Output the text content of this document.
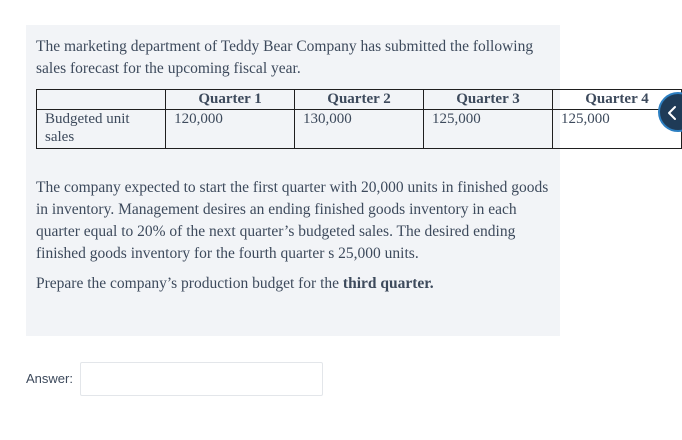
The marketing department of Teddy Bear Company has submitted the following sales forecast for the upcoming fiscal year.

	Quarter 1	Quarter 2	Quarter 3	Quarter 4
Budgeted unit sales	120,000	130,000	125,000	125,000

The company expected to start the first quarter with 20,000 units in finished goods in inventory. Management desires an ending finished goods inventory in each quarter equal to 20% of the next quarter’s budgeted sales. The desired ending finished goods inventory for the fourth quarter s 25,000 units.

Prepare the company’s production budget for the third quarter.

Answer:
